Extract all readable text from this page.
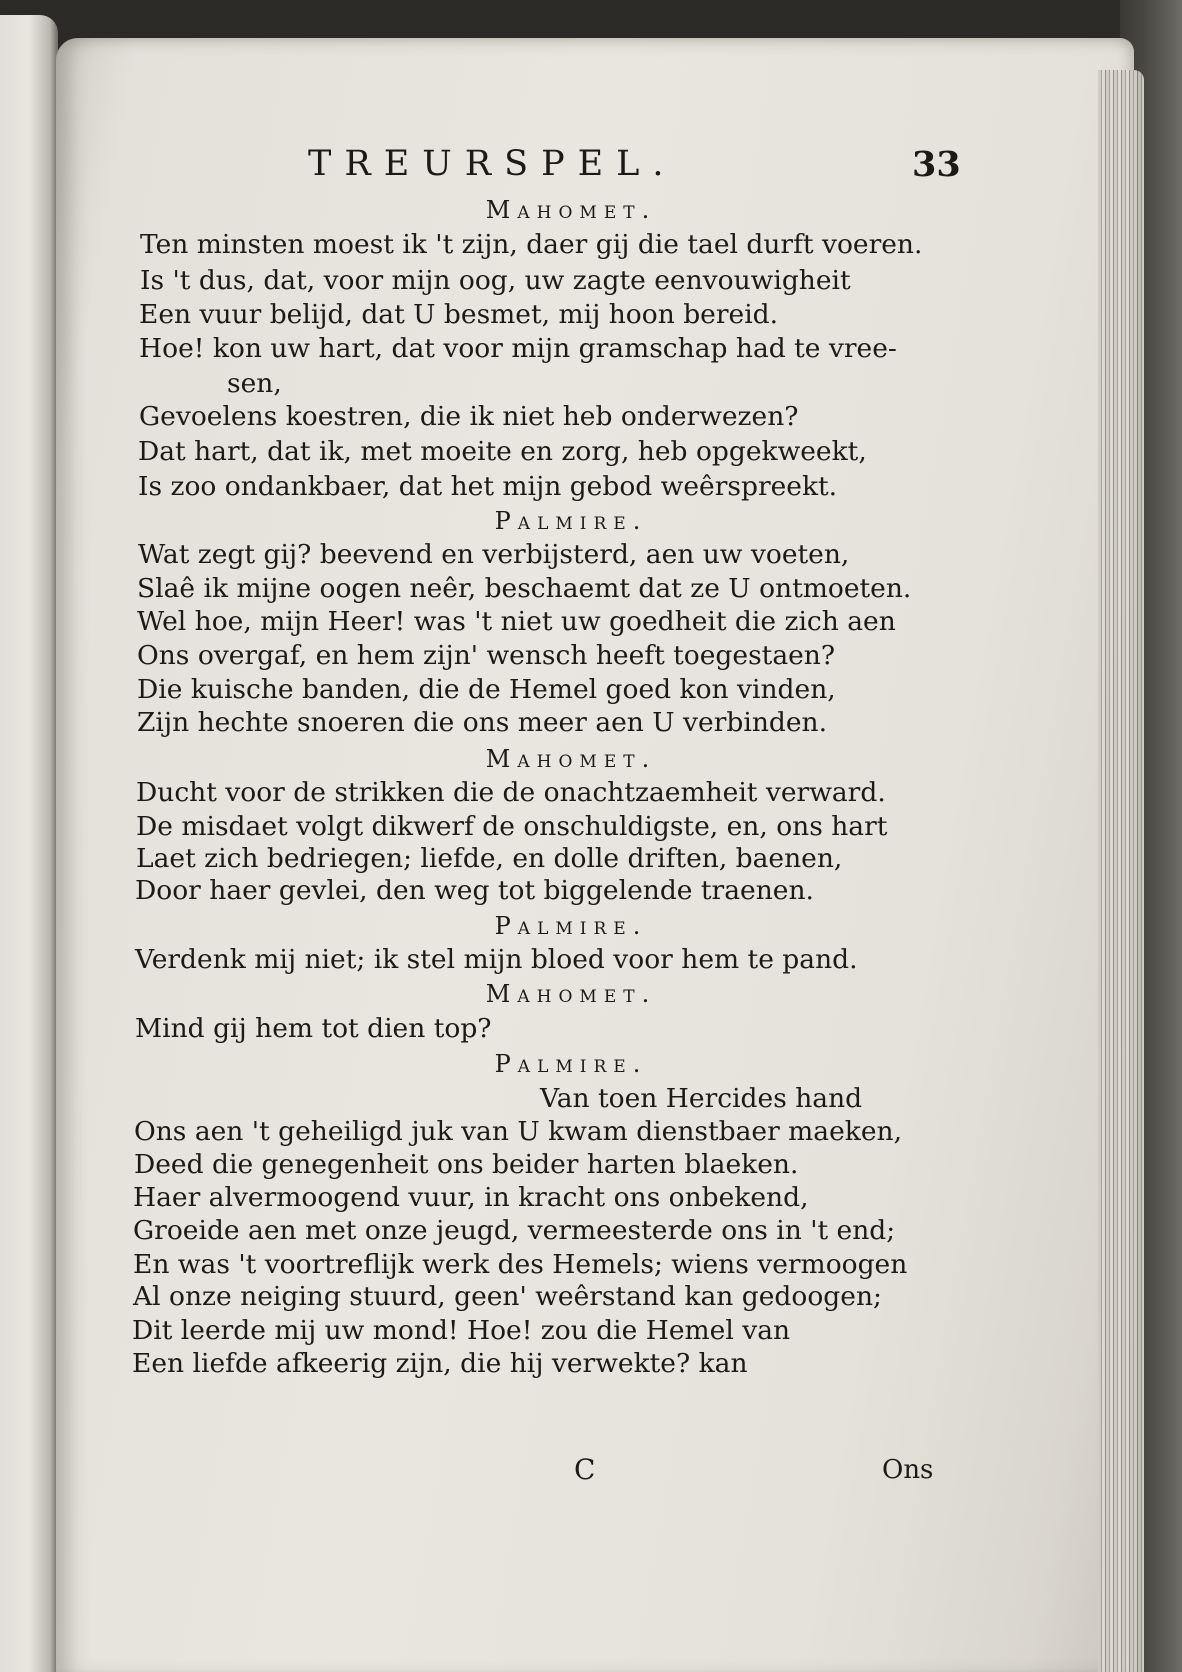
TREURSPEL.	33
Mahomet.
Ten minsten moest ik 't zijn, daer gij die tael durft voeren.
Is 't dus, dat, voor mijn oog, uw zagte eenvouwigheit
Een vuur belijd, dat U besmet, mij hoon bereid.
Hoe! kon uw hart, dat voor mijn gramschap had te vree-
sen,
Gevoelens koestren, die ik niet heb onderwezen?
Dat hart, dat ik, met moeite en zorg, heb opgekweekt,
Is zoo ondankbaer, dat het mijn gebod weêrspreekt.
Palmire.
Wat zegt gij? beevend en verbijsterd, aen uw voeten,
Slaê ik mijne oogen neêr, beschaemt dat ze U ontmoeten.
Wel hoe, mijn Heer! was 't niet uw goedheit die zich aen
Ons overgaf, en hem zijn' wensch heeft toegestaen?
Die kuische banden, die de Hemel goed kon vinden,
Zijn hechte snoeren die ons meer aen U verbinden.
Mahomet.
Ducht voor de strikken die de onachtzaemheit verward.
De misdaet volgt dikwerf de onschuldigste, en, ons hart
Laet zich bedriegen; liefde, en dolle driften, baenen,
Door haer gevlei, den weg tot biggelende traenen.
Palmire.
Verdenk mij niet; ik stel mijn bloed voor hem te pand.
Mahomet.
Mind gij hem tot dien top?
Palmire.
Van toen Hercides hand
Ons aen 't geheiligd juk van U kwam dienstbaer maeken,
Deed die genegenheit ons beider harten blaeken.
Haer alvermoogend vuur, in kracht ons onbekend,
Groeide aen met onze jeugd, vermeesterde ons in 't end;
En was 't voortreflijk werk des Hemels; wiens vermoogen
Al onze neiging stuurd, geen' weêrstand kan gedoogen;
Dit leerde mij uw mond! Hoe! zou die Hemel van
Een liefde afkeerig zijn, die hij verwekte? kan
C	Ons
